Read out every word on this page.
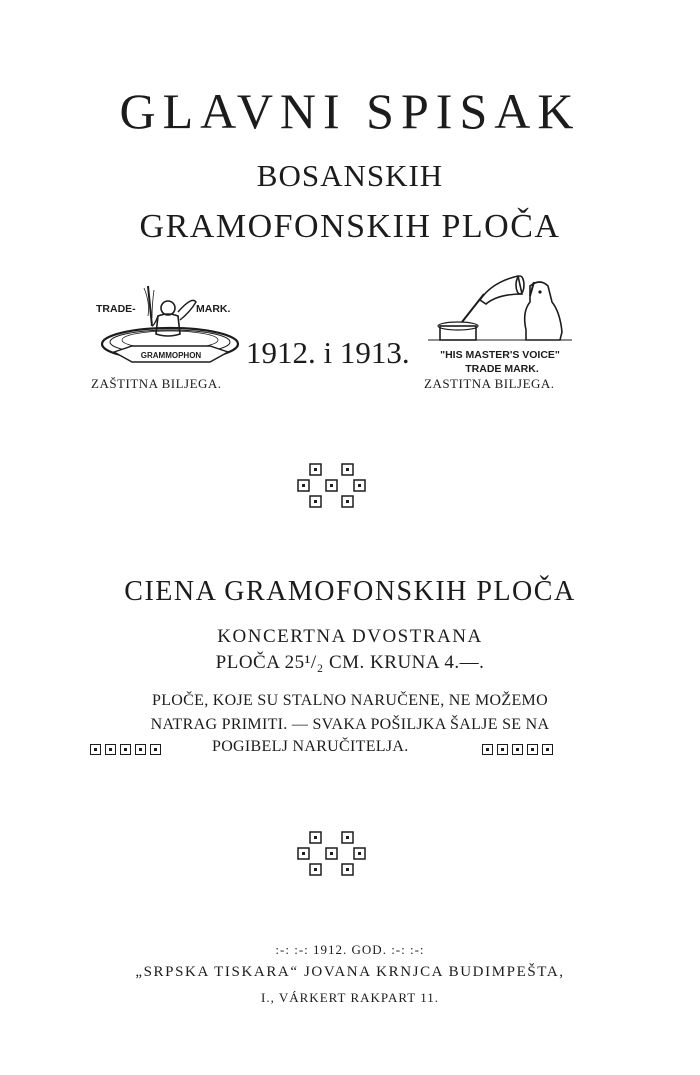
GLAVNI SPISAK
BOSANSKIH
GRAMOFONSKIH PLOČA
TRADE-	MARK.
GRAMMOPHON
ZAŠTITNA BILJEGA.
1912. i 1913.	"HIS MASTER'S VOICE"
TRADE MARK.
ZASTITNA BILJEGA.
CIENA GRAMOFONSKIH PLOČA
KONCERTNA DVOSTRANA
PLOČA 25¹/₂ CM. KRUNA 4.—.
PLOČE, KOJE SU STALNO NARUČENE, NE MOŽEMO
NATRAG PRIMITI. — SVAKA POŠILJKA ŠALJE SE NA
POGIBELJ NARUČITELJA.
:-: :-: 1912. GOD. :-: :-:
„SRPSKA TISKARA“ JOVANA KRNJCA BUDIMPEŠTA,
I., VÁRKERT RAKPART 11.
